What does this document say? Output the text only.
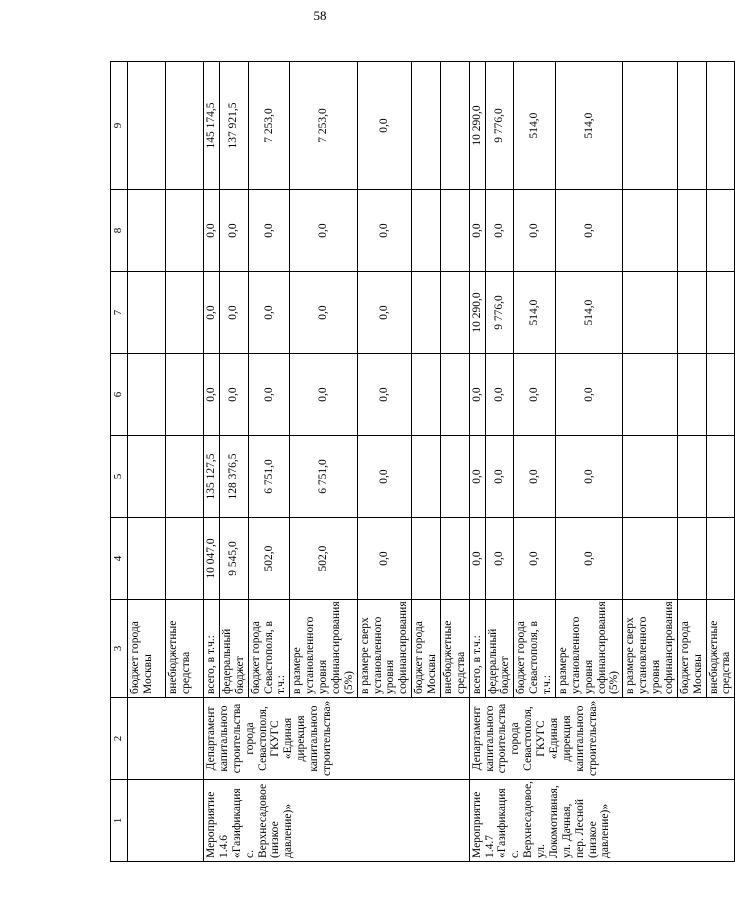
58
1	2	3	4	5	6	7	8	9
		бюджет города Москвы						
		внебюджетные средства						
Мероприятие 1.4.6 «Газификация с. Верхнесадовое (низкое давление)»	Департамент капитального строительства города Севастополя, ГКУГС «Единая дирекция капитального строительства»	всего, в т.ч.:	10 047,0	135 127,5	0,0	0,0	0,0	145 174,5
		федеральный бюджет	9 545,0	128 376,5	0,0	0,0	0,0	137 921,5
		бюджет города Севастополя, в т.ч.:	502,0	6 751,0	0,0	0,0	0,0	7 253,0
		в размере установленного уровня софинансирования (5%)	502,0	6 751,0	0,0	0,0	0,0	7 253,0
		в размере сверх установленного уровня софинансирования	0,0	0,0	0,0	0,0	0,0	0,0
		бюджет города Москвы						
		внебюджетные средства						
Мероприятие 1.4.7 «Газификация с. Верхнесадовое, ул. Локомотивная, ул. Дачная, пер. Лесной (низкое давление)»	Департамент капитального строительства города Севастополя, ГКУГС «Единая дирекция капитального строительства»	всего, в т.ч.:	0,0	0,0	0,0	10 290,0	0,0	10 290,0
		федеральный бюджет	0,0	0,0	0,0	9 776,0	0,0	9 776,0
		бюджет города Севастополя, в т.ч.:	0,0	0,0	0,0	514,0	0,0	514,0
		в размере установленного уровня софинансирования (5%)	0,0	0,0	0,0	514,0	0,0	514,0
		в размере сверх установленного уровня софинансирования						
		бюджет города Москвы						
		внебюджетные средства						
